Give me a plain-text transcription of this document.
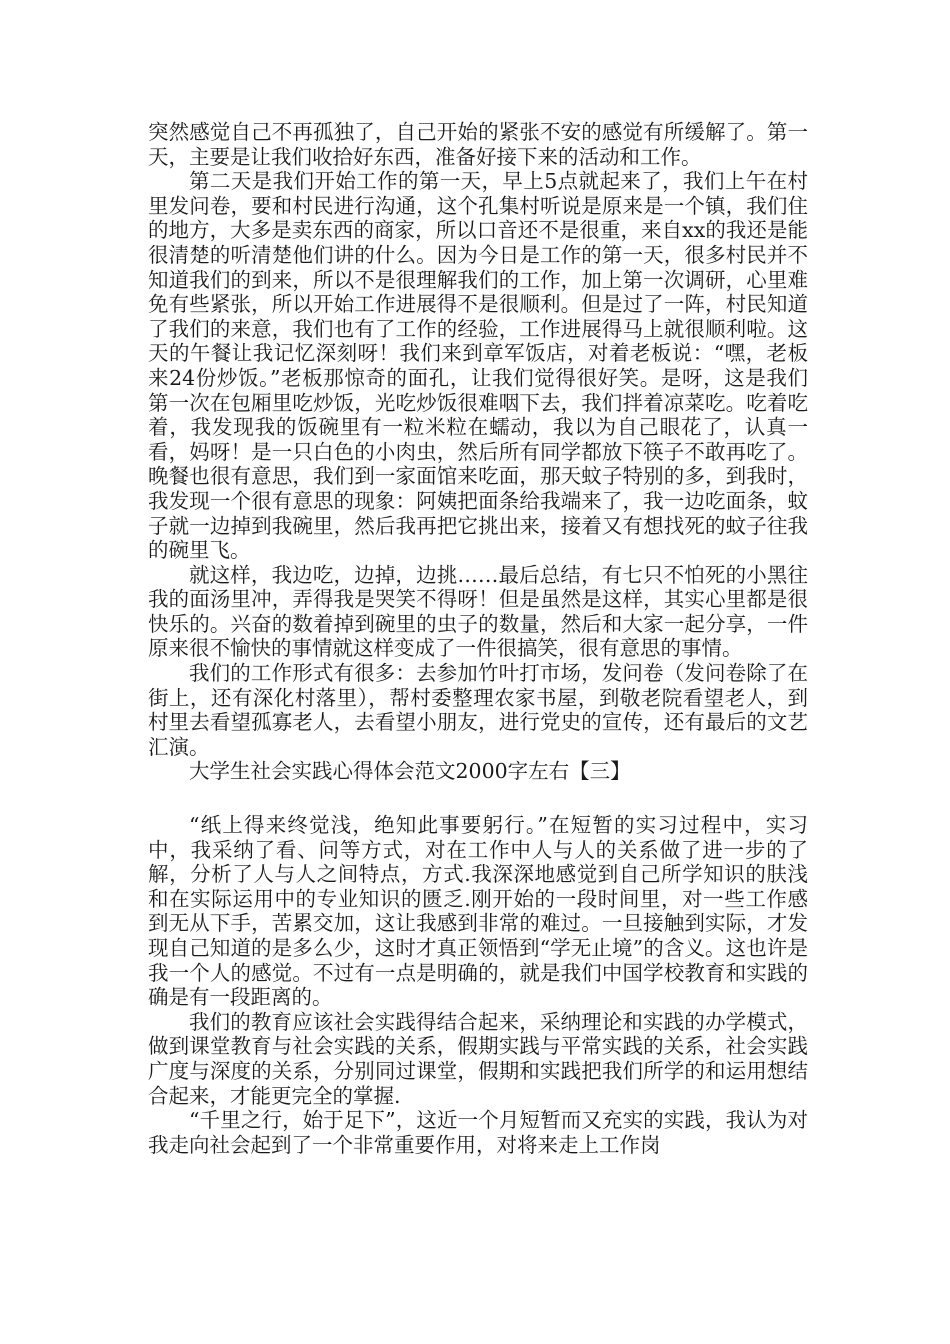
突然感觉自己不再孤独了，自己开始的紧张不安的感觉有所缓解了。第一天，主要是让我们收拾好东西，准备好接下来的活动和工作。

第二天是我们开始工作的第一天，早上5点就起来了，我们上午在村里发问卷，要和村民进行沟通，这个孔集村听说是原来是一个镇，我们住的地方，大多是卖东西的商家，所以口音还不是很重，来自xx的我还是能很清楚的听清楚他们讲的什么。因为今日是工作的第一天，很多村民并不知道我们的到来，所以不是很理解我们的工作，加上第一次调研，心里难免有些紧张，所以开始工作进展得不是很顺利。但是过了一阵，村民知道了我们的来意，我们也有了工作的经验，工作进展得马上就很顺利啦。这天的午餐让我记忆深刻呀！我们来到章军饭店，对着老板说：“嘿，老板来24份炒饭。”老板那惊奇的面孔，让我们觉得很好笑。是呀，这是我们第一次在包厢里吃炒饭，光吃炒饭很难咽下去，我们拌着凉菜吃。吃着吃着，我发现我的饭碗里有一粒米粒在蠕动，我以为自己眼花了，认真一看，妈呀！是一只白色的小肉虫，然后所有同学都放下筷子不敢再吃了。晚餐也很有意思，我们到一家面馆来吃面，那天蚊子特别的多，到我时，我发现一个很有意思的现象：阿姨把面条给我端来了，我一边吃面条，蚊子就一边掉到我碗里，然后我再把它挑出来，接着又有想找死的蚊子往我的碗里飞。

就这样，我边吃，边掉，边挑……最后总结，有七只不怕死的小黑往我的面汤里冲，弄得我是哭笑不得呀！但是虽然是这样，其实心里都是很快乐的。兴奋的数着掉到碗里的虫子的数量，然后和大家一起分享，一件原来很不愉快的事情就这样变成了一件很搞笑，很有意思的事情。

我们的工作形式有很多：去参加竹叶打市场，发问卷（发问卷除了在街上，还有深化村落里），帮村委整理农家书屋，到敬老院看望老人，到村里去看望孤寡老人，去看望小朋友，进行党史的宣传，还有最后的文艺汇演。

大学生社会实践心得体会范文2000字左右【三】

“纸上得来终觉浅，绝知此事要躬行。”在短暂的实习过程中，实习中，我采纳了看、问等方式，对在工作中人与人的关系做了进一步的了解，分析了人与人之间特点，方式.我深深地感觉到自己所学知识的肤浅和在实际运用中的专业知识的匮乏.刚开始的一段时间里，对一些工作感到无从下手，苦累交加，这让我感到非常的难过。一旦接触到实际，才发现自己知道的是多么少，这时才真正领悟到“学无止境”的含义。这也许是我一个人的感觉。不过有一点是明确的，就是我们中国学校教育和实践的确是有一段距离的。

我们的教育应该社会实践得结合起来，采纳理论和实践的办学模式，做到课堂教育与社会实践的关系，假期实践与平常实践的关系，社会实践广度与深度的关系，分别同过课堂，假期和实践把我们所学的和运用想结合起来，才能更完全的掌握.

“千里之行，始于足下”，这近一个月短暂而又充实的实践，我认为对我走向社会起到了一个非常重要作用，对将来走上工作岗
